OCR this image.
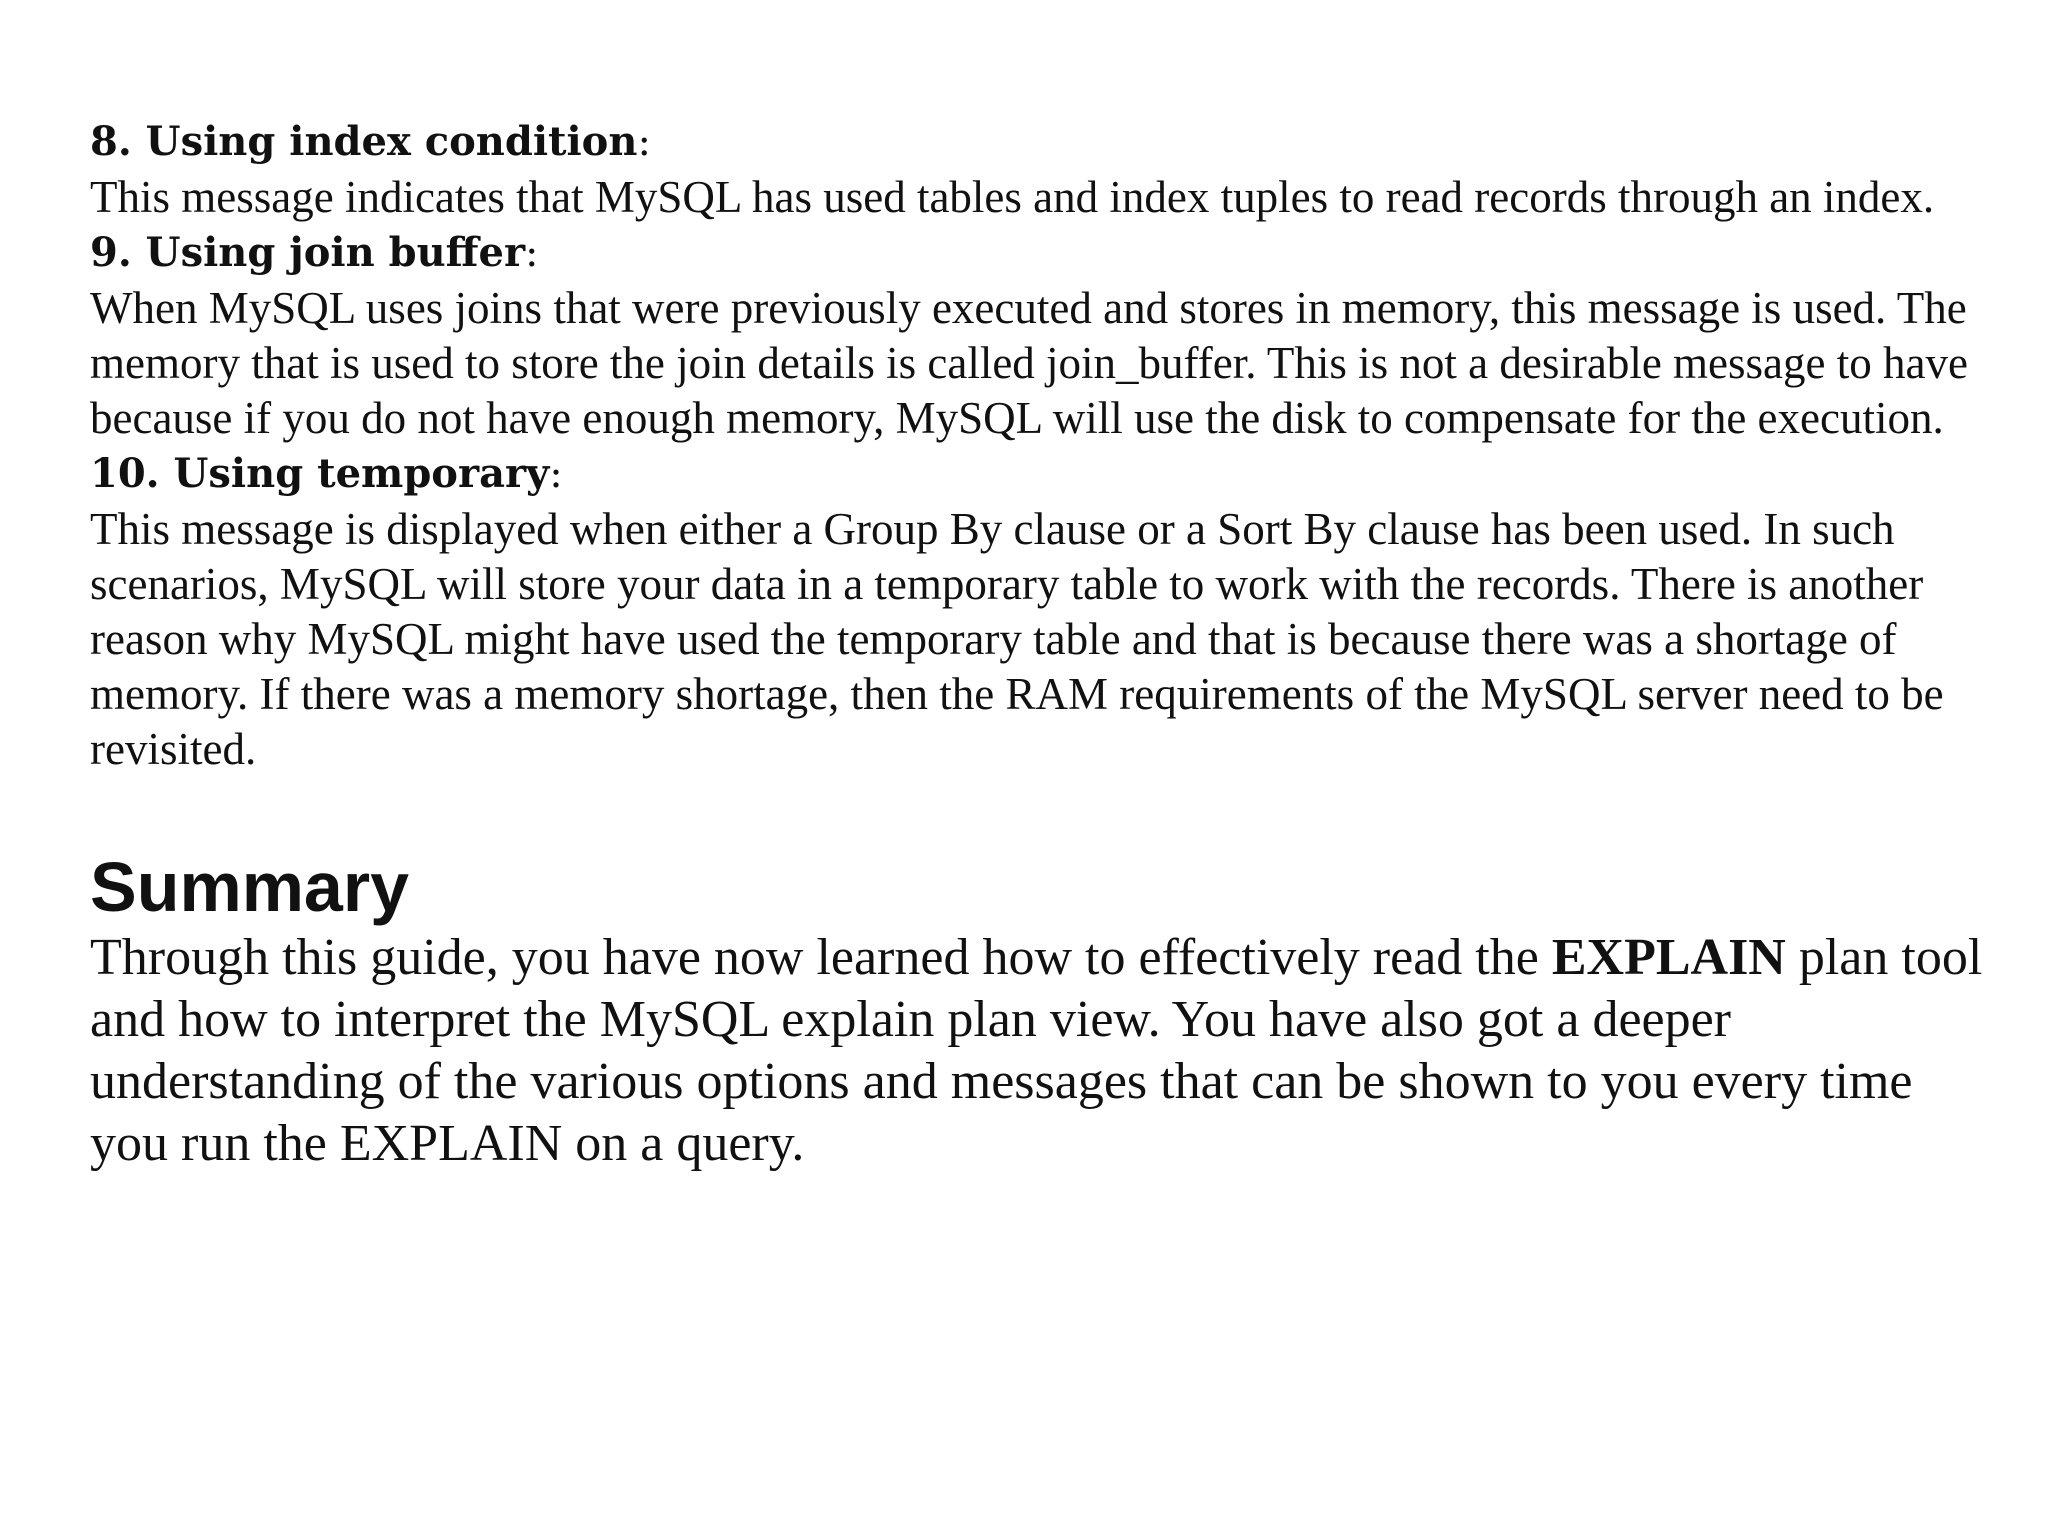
8. Using index condition:

This message indicates that MySQL has used tables and index tuples to read records through an index.

9. Using join buffer:

When MySQL uses joins that were previously executed and stores in memory, this message is used. The memory that is used to store the join details is called join_buffer. This is not a desirable message to have because if you do not have enough memory, MySQL will use the disk to compensate for the execution.

10. Using temporary:

This message is displayed when either a Group By clause or a Sort By clause has been used. In such scenarios, MySQL will store your data in a temporary table to work with the records. There is another reason why MySQL might have used the temporary table and that is because there was a shortage of memory. If there was a memory shortage, then the RAM requirements of the MySQL server need to be revisited.

Summary

Through this guide, you have now learned how to effectively read the EXPLAIN plan tool and how to interpret the MySQL explain plan view. You have also got a deeper understanding of the various options and messages that can be shown to you every time you run the EXPLAIN on a query.
